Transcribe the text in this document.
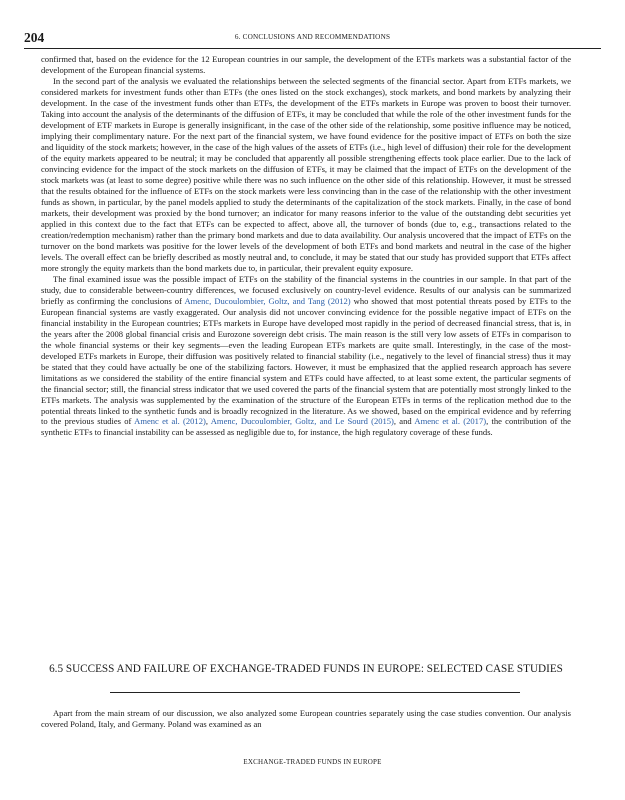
204	6. CONCLUSIONS AND RECOMMENDATIONS

confirmed that, based on the evidence for the 12 European countries in our sample, the development of the ETFs markets was a substantial factor of the development of the European financial systems.

In the second part of the analysis we evaluated the relationships between the selected segments of the financial sector. Apart from ETFs markets, we considered markets for investment funds other than ETFs (the ones listed on the stock exchanges), stock markets, and bond markets by analyzing their development. In the case of the investment funds other than ETFs, the development of the ETFs markets in Europe was proven to boost their turnover. Taking into account the analysis of the determinants of the diffusion of ETFs, it may be concluded that while the role of the other investment funds for the development of ETF markets in Europe is generally insignificant, in the case of the other side of the relationship, some positive influence may be noticed, implying their complimentary nature. For the next part of the financial system, we have found evidence for the positive impact of ETFs on both the size and liquidity of the stock markets; however, in the case of the high values of the assets of ETFs (i.e., high level of diffusion) their role for the development of the equity markets appeared to be neutral; it may be concluded that apparently all possible strengthening effects took place earlier. Due to the lack of convincing evidence for the impact of the stock markets on the diffusion of ETFs, it may be claimed that the impact of ETFs on the development of the stock markets was (at least to some degree) positive while there was no such influence on the other side of this relationship. However, it must be stressed that the results obtained for the influence of ETFs on the stock markets were less convincing than in the case of the relationship with the other investment funds as shown, in particular, by the panel models applied to study the determinants of the capitalization of the stock markets. Finally, in the case of bond markets, their development was proxied by the bond turnover; an indicator for many reasons inferior to the value of the outstanding debt securities yet applied in this context due to the fact that ETFs can be expected to affect, above all, the turnover of bonds (due to, e.g., transactions related to the creation/redemption mechanism) rather than the primary bond markets and due to data availability. Our analysis uncovered that the impact of ETFs on the turnover on the bond markets was positive for the lower levels of the development of both ETFs and bond markets and neutral in the case of the higher levels. The overall effect can be briefly described as mostly neutral and, to conclude, it may be stated that our study has provided support that ETFs affect more strongly the equity markets than the bond markets due to, in particular, their prevalent equity exposure.

The final examined issue was the possible impact of ETFs on the stability of the financial systems in the countries in our sample. In that part of the study, due to considerable between-country differences, we focused exclusively on country-level evidence. Results of our analysis can be summarized briefly as confirming the conclusions of Amenc, Ducoulombier, Goltz, and Tang (2012) who showed that most potential threats posed by ETFs to the European financial systems are vastly exaggerated. Our analysis did not uncover convincing evidence for the possible negative impact of ETFs on the financial instability in the European countries; ETFs markets in Europe have developed most rapidly in the period of decreased financial stress, that is, in the years after the 2008 global financial crisis and Eurozone sovereign debt crisis. The main reason is the still very low assets of ETFs in comparison to the whole financial systems or their key segments—even the leading European ETFs markets are quite small. Interestingly, in the case of the most-developed ETFs markets in Europe, their diffusion was positively related to financial stability (i.e., negatively to the level of financial stress) thus it may be stated that they could have actually be one of the stabilizing factors. However, it must be emphasized that the applied research approach has severe limitations as we considered the stability of the entire financial system and ETFs could have affected, to at least some extent, the particular segments of the financial sector; still, the financial stress indicator that we used covered the parts of the financial system that are potentially most strongly linked to the ETFs markets. The analysis was supplemented by the examination of the structure of the European ETFs in terms of the replication method due to the potential threats linked to the synthetic funds and is broadly recognized in the literature. As we showed, based on the empirical evidence and by referring to the previous studies of Amenc et al. (2012), Amenc, Ducoulombier, Goltz, and Le Sourd (2015), and Amenc et al. (2017), the contribution of the synthetic ETFs to financial instability can be assessed as negligible due to, for instance, the high regulatory coverage of these funds.

6.5 SUCCESS AND FAILURE OF EXCHANGE-TRADED FUNDS IN EUROPE: SELECTED CASE STUDIES

Apart from the main stream of our discussion, we also analyzed some European countries separately using the case studies convention. Our analysis covered Poland, Italy, and Germany. Poland was examined as an

EXCHANGE-TRADED FUNDS IN EUROPE
